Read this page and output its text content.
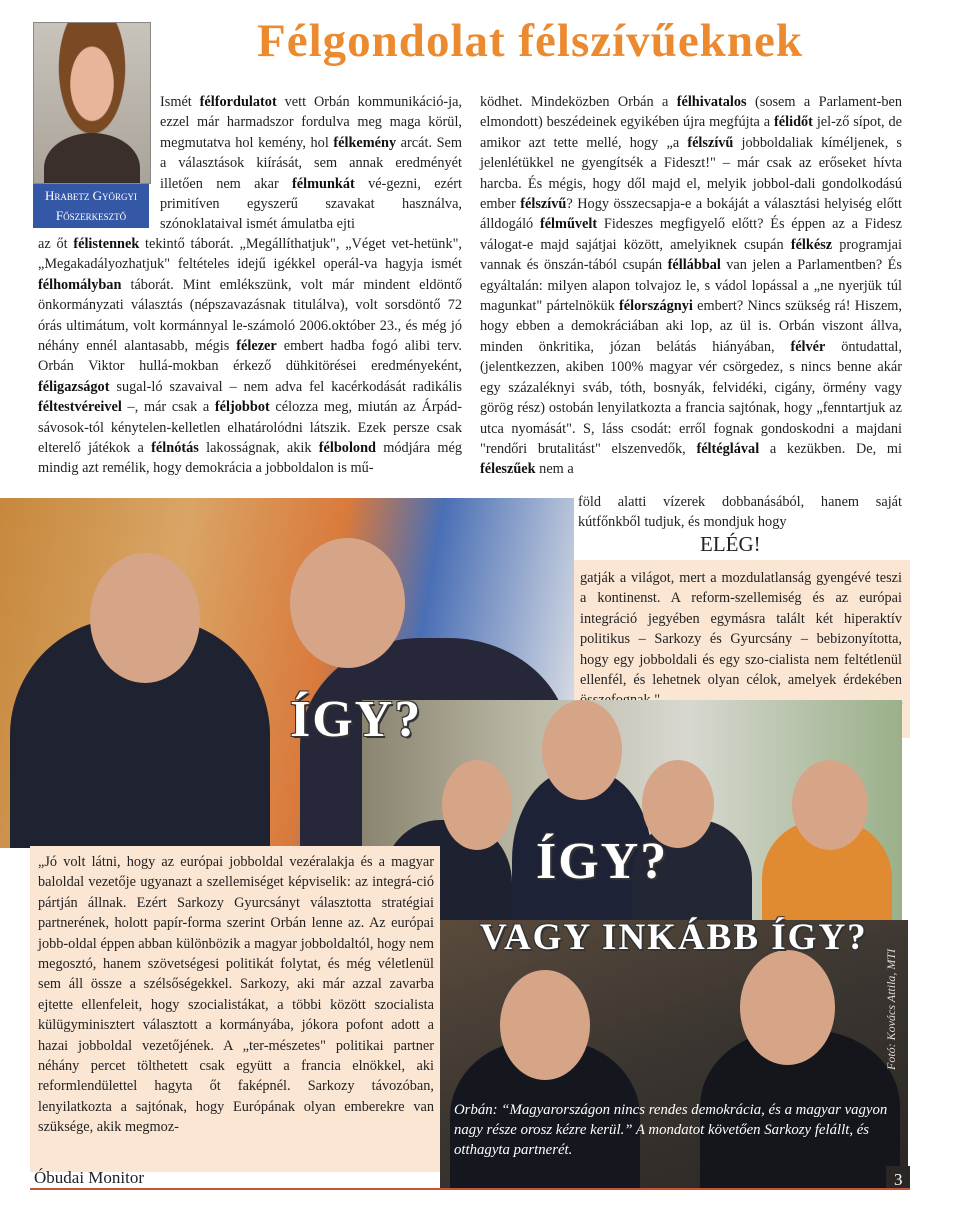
Félgondolat félszívűeknek
Hrabetz Györgyi
Főszerkesztő
Ismét félfordulatot vett Orbán kommunikáció-ja, ezzel már harmadszor fordulva meg maga körül, megmutatva hol kemény, hol félkemény arcát. Sem a választások kiírását, sem annak eredményét illetően nem akar félmunkát vé-gezni, ezért primitíven egyszerű szavakat használva, szónoklataival ismét ámulatba ejti
az őt félistennek tekintő táborát. „Megállíthatjuk", „Véget vet-hetünk", „Megakadályozhatjuk" feltételes idejű igékkel operál-va hagyja ismét félhomályban táborát. Mint emlékszünk, volt már mindent eldöntő önkormányzati választás (népszavazásnak titulálva), volt sorsdöntő 72 órás ultimátum, volt kormánnyal le-számoló 2006.október 23., és még jó néhány ennél alantasabb, mégis félezer embert hadba fogó alibi terv. Orbán Viktor hullá-mokban érkező dühkitörései eredményeként, féligazságot sugal-ló szavaival – nem adva fel kacérkodását radikális féltestvéreivel –, már csak a féljobbot célozza meg, miután az Árpád-sávosok-tól kénytelen-kelletlen elhatárolódni látszik. Ezek persze csak elterelő játékok a félnótás lakosságnak, akik félbolond módjára még mindig azt remélik, hogy demokrácia a jobboldalon is mű-
ködhet. Mindeközben Orbán a félhivatalos (sosem a Parlament-ben elmondott) beszédeinek egyikében újra megfújta a félidőt jel-ző sípot, de amikor azt tette mellé, hogy „a félszívű jobboldaliak kíméljenek, s jelenlétükkel ne gyengítsék a Fideszt!" – már csak az erőseket hívta harcba. És mégis, hogy dől majd el, melyik jobbol-dali gondolkodású ember félszívű? Hogy összecsapja-e a bokáját a választási helyiség előtt álldogáló félművelt Fideszes megfigyelő előtt? És éppen az a Fidesz válogat-e majd sajátjai között, amelyiknek csupán félkész programjai vannak és önszán-tából csupán féllábbal van jelen a Parlamentben? És egyáltalán: milyen alapon tolvajoz le, s vádol lopással a „ne nyerjük túl magunkat" pártelnökük félországnyi embert? Nincs szükség rá! Hiszem, hogy ebben a demokráciában aki lop, az ül is. Orbán viszont állva, minden önkritika, józan belátás hiányában, félvér öntudattal, (jelentkezzen, akiben 100% magyar vér csörgedez, s nincs benne akár egy százaléknyi sváb, tóth, bosnyák, felvidéki, cigány, örmény vagy görög rész) ostobán lenyilatkozta a francia sajtónak, hogy „fenntartjuk az utca nyomását". S, láss csodát: erről fognak gondoskodni a majdani "rendőri brutalitást" elszenvedők, féltéglával a kezükben. De, mi féleszűek nem a
föld alatti vízerek dobbanásából, hanem saját kútfőnkből tudjuk, és mondjuk hogy
ELÉG!
gatják a világot, mert a mozdulatlanság gyengévé teszi a kontinenst. A reform-szellemiség és az európai integráció jegyében egymásra talált két hiperaktív politikus – Sarkozy és Gyurcsány – bebizonyította, hogy egy jobboldali és egy szo-cialista nem feltétlenül ellenfél, és lehetnek olyan célok, amelyek érdekében
„Jó volt látni, hogy az európai jobboldal vezéralakja és a magyar baloldal vezetője ugyanazt a szellemiséget képviselik: az integrá-ció pártján állnak. Ezért Sarkozy Gyurcsányt választotta stratégiai partnerének, holott papír-forma szerint Orbán lenne az. Az európai jobb-oldal éppen abban különbözik a magyar jobboldaltól, hogy nem megosztó, hanem szövetségesi politikát folytat, és még véletlenül sem áll össze a szélsőségekkel. Sarkozy, aki már azzal zavarba ejtette ellenfeleit, hogy szocialistákat, a többi között szocialista külügyminisztert választott a kormányába, jókora pofont adott a hazai jobboldal vezetőjének. A „ter-mészetes" politikai partner néhány percet tölthetett csak együtt a francia elnökkel, aki reformlendülettel hagyta őt faképnél. Sarkozy távozóban, lenyilatkozta a sajtónak, hogy Európának olyan emberekre van szüksége, akik megmoz-
ÍGY?
ÍGY?
VAGY INKÁBB ÍGY?
Fotó: Kovács Attila, MTI
Orbán: “Magyarországon nincs rendes demokrácia, és a magyar vagyon nagy része orosz kézre kerül.” A mondatot követően Sarkozy felállt, és otthagyta partnerét.
Óbudai Monitor	3
